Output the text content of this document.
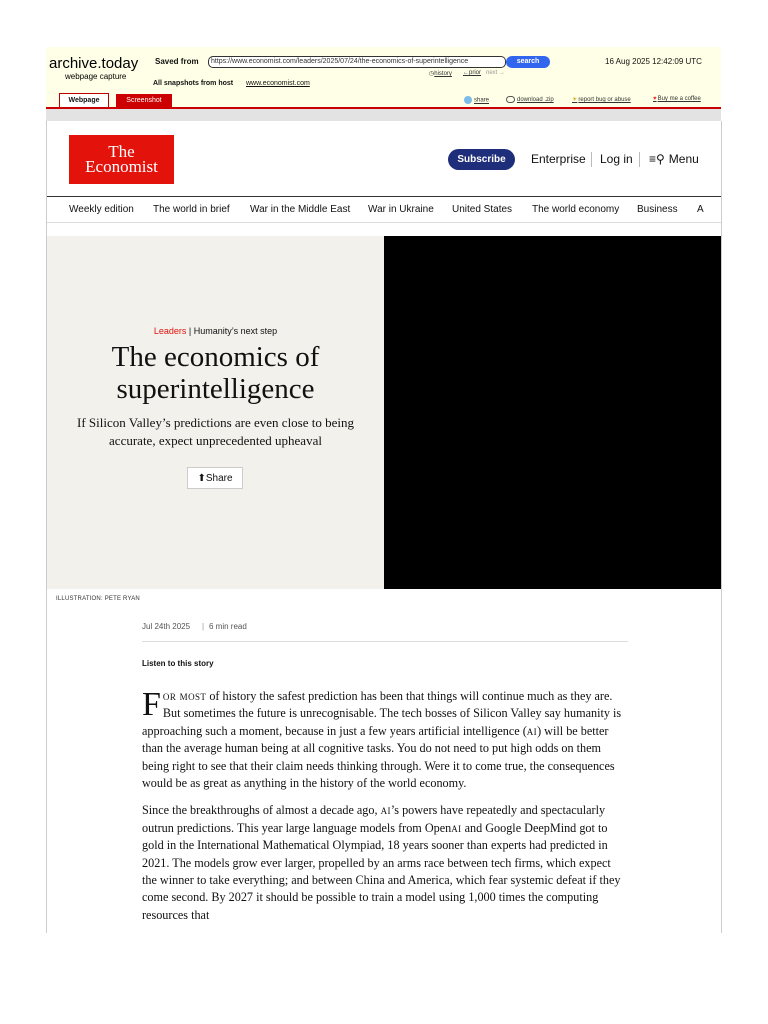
archive.today
webpage capture
Saved from	https://www.economist.com/leaders/2025/07/24/the-economics-of-superintelligence	search	16 Aug 2025 12:42:09 UTC
◷history ←prior next →
All snapshots from host www.economist.com
Webpage	Screenshot	share	download .zip	☀report bug or abuse	♥Buy me a coffee
The
Economist	Subscribe	Enterprise Log in ≡⚲ Menu
Weekly edition The world in brief War in the Middle East War in Ukraine United States The world economy Business A
Leaders | Humanity’s next step
The economics of superintelligence
If Silicon Valley’s predictions are even close to being accurate, expect unprecedented upheaval
⬆︎Share
ILLUSTRATION: PETE RYAN
Jul 24th 2025 | 6 min read
Listen to this story

For most of history the safest prediction has been that things will continue much as they are. But sometimes the future is unrecognisable. The tech bosses of Silicon Valley say humanity is approaching such a moment, because in just a few years artificial intelligence (ai) will be better than the average human being at all cognitive tasks. You do not need to put high odds on them being right to see that their claim needs thinking through. Were it to come true, the consequences would be as great as anything in the history of the world economy.

Since the breakthroughs of almost a decade ago, ai’s powers have repeatedly and spectacularly outrun predictions. This year large language models from Openai and Google DeepMind got to gold in the International Mathematical Olympiad, 18 years sooner than experts had predicted in 2021. The models grow ever larger, propelled by an arms race between tech firms, which expect the winner to take everything; and between China and America, which fear systemic defeat if they come second. By 2027 it should be possible to train a model using 1,000 times the computing resources that
